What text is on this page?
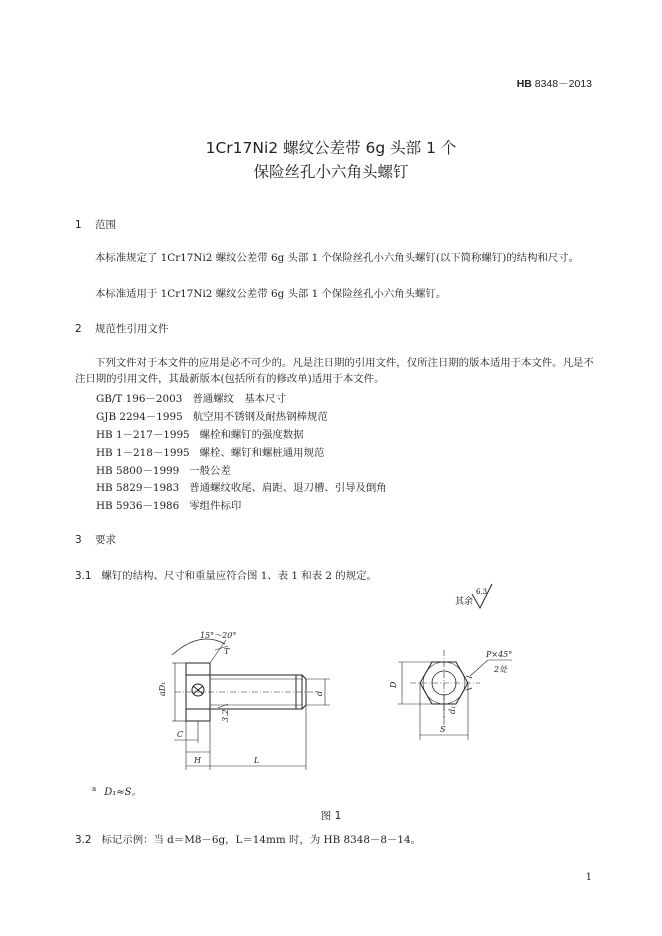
HB 8348－2013
1Cr17Ni2 螺纹公差带 6g 头部 1 个
保险丝孔小六角头螺钉
1 范围
本标准规定了 1Cr17Ni2 螺纹公差带 6g 头部 1 个保险丝孔小六角头螺钉(以下简称螺钉)的结构和尺寸。
本标准适用于 1Cr17Ni2 螺纹公差带 6g 头部 1 个保险丝孔小六角头螺钉。
2 规范性引用文件
下列文件对于本文件的应用是必不可少的。凡是注日期的引用文件，仅所注日期的版本适用于本文件。凡是不注日期的引用文件，其最新版本(包括所有的修改单)适用于本文件。
GB/T 196－2003 普通螺纹　基本尺寸
GJB 2294－1995 航空用不锈钢及耐热钢棒规范
HB 1－217－1995 螺栓和螺钉的强度数据
HB 1－218－1995 螺栓、螺钉和螺桩通用规范
HB 5800－1999 一般公差
HB 5829－1983 普通螺纹收尾、肩距、退刀槽、引导及倒角
HB 5936－1986 零组件标印
3 要求
3.1 螺钉的结构、尺寸和重量应符合图 1、表 1 和表 2 的规定。
其余
6.3
15°～20°
T
aD₁	d
3.2
C
H	L
P×45°
2处
D
d₁
S
$^a$ D₁≈S。
图 1
3.2 标记示例：当 d＝M8－6g，L＝14mm 时，为 HB 8348－8－14。
1
